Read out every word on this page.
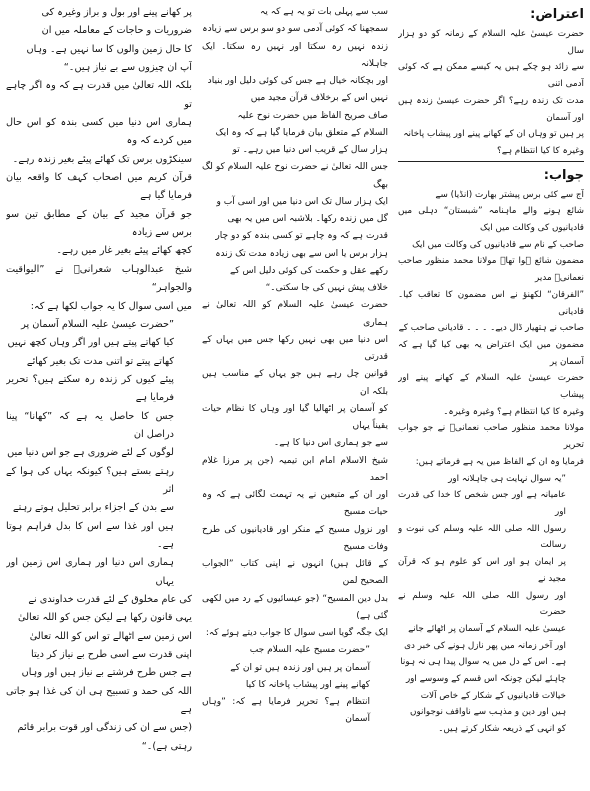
اعتراض:
حضرت عیسیٰ علیہ السلام کے زمانہ کو دو ہزار سال
سے زائد ہو چکے ہیں یہ کیسے ممکن ہے کہ کوئی آدمی اتنی
مدت تک زندہ رہے؟ اگر حضرت عیسیٰ زندہ ہیں اور آسمان
پر ہیں تو وہاں ان کے کھانے پینے اور پیشاب پاخانہ
وغیرہ کا کیا انتظام ہے؟
جواب:
آج سے کئی برس پیشتر بھارت (انڈیا) سے
شائع ہونے والے ماہنامہ ”شبستان“ دہلی میں قادیانیوں کی وکالت میں ایک
صاحب کے نام سے قادیانیوں کی وکالت میں ایک
مضمون شائع ہوا تھا۔ مولانا محمد منظور صاحب نعمانیؒ مدیر
”الفرقان“ لکھنؤ نے اس مضمون کا تعاقب کیا۔ قادیانی
صاحب نے ہتھیار ڈال دیے۔ ۔ ۔ ۔ قادیانی صاحب کے
مضمون میں ایک اعتراض یہ بھی کیا گیا ہے کہ آسمان پر
حضرت عیسیٰ علیہ السلام کے کھانے پینے اور پیشاب
وغیرہ کا کیا انتظام ہے؟ وغیرہ وغیرہ۔
مولانا محمد منظور صاحب نعمانیؒ نے جو جواب تحریر
فرمایا وہ ان کے الفاظ میں یہ ہے فرماتے ہیں:
”یہ سوال نہایت ہی جاہلانہ اور
عامیانہ ہے اور جس شخص کا خدا کی قدرت اور
رسول اللہ صلی اللہ علیہ وسلم کی نبوت و رسالت
پر ایمان ہو اور اس کو علوم ہو کہ قرآن مجید نے
اور رسول اللہ صلی اللہ علیہ وسلم نے حضرت
عیسیٰ علیہ السلام کے آسمان پر اٹھائے جانے
اور آخر زمانہ میں پھر نازل ہونے کی خبر دی
ہے۔ اس کے دل میں یہ سوال پیدا ہی نہ ہونا
چاہئے لیکن چونکہ اس قسم کے وسوسے اور
خیالات قادیانیوں کے شکار کے خاص آلات
ہیں اور دین و مذہب سے ناواقف نوجوانوں
کو انہی کے ذریعہ شکار کرتے ہیں۔
سب سے پہلی بات تو یہ ہے کہ یہ
سمجھنا کہ کوئی آدمی سو دو سو برس سے زیادہ
زندہ نہیں رہ سکتا اور نہیں رہ سکتا۔ ایک جاہلانہ
اور بچکانہ خیال ہے جس کی کوئی دلیل اور بنیاد
نہیں اس کے برخلاف قرآن مجید میں
صاف صریح الفاظ میں حضرت نوح علیہ
السلام کے متعلق بیان فرمایا گیا ہے کہ وہ ایک
ہزار سال کے قریب اس دنیا میں رہے۔ تو
جس اللہ تعالیٰ نے حضرت نوح علیہ السلام کو لگ بھگ
ایک ہزار سال تک اس دنیا میں اور اسی آب و
گل میں زندہ رکھا۔ بلاشبہ اس میں یہ بھی
قدرت ہے کہ وہ چاہے تو کسی بندہ کو دو چار
ہزار برس یا اس سے بھی زیادہ مدت تک زندہ
رکھے عقل و حکمت کی کوئی دلیل اس کے
خلاف پیش نہیں کی جا سکتی۔“
حضرت عیسیٰ علیہ السلام کو اللہ تعالیٰ نے ہماری
اس دنیا میں بھی نہیں رکھا جس میں یہاں کے قدرتی
قوانین چل رہے ہیں جو یہاں کے مناسب ہیں بلکہ ان
کو آسمان پر اٹھالیا گیا اور وہاں کا نظام حیات یقیناً یہاں
سے جو ہماری اس دنیا کا ہے۔
شیخ الاسلام امام ابن تیمیہ (جن پر مرزا غلام احمد
اور ان کے متبعین نے یہ تہمت لگائی ہے کہ وہ حیات مسیح
اور نزول مسیح کے منکر اور قادیانیوں کی طرح وفات مسیح
کے قائل ہیں) انہوں نے اپنی کتاب ”الجواب الصحیح لمن
بدل دین المسیح“ (جو عیسائیوں کے رد میں لکھی گئی ہے)
ایک جگہ گویا اسی سوال کا جواب دیتے ہوئے کہ:
”حضرت مسیح علیہ السلام جب
آسمان پر ہیں اور زندہ ہیں تو ان کے
کھانے پینے اور پیشاب پاخانہ کا کیا
انتظام ہے؟ تحریر فرمایا ہے کہ: ”وہاں آسمان
پر کھانے پینے اور بول و براز وغیرہ کی
ضروریات و حاجات کے معاملہ میں ان
کا حال زمین والوں کا سا نہیں ہے۔ وہاں
آپ ان چیزوں سے بے نیاز ہیں۔“
بلکہ اللہ تعالیٰ میں قدرت ہے کہ وہ اگر چاہے تو
ہماری اس دنیا میں کسی بندہ کو اس حال میں کردے کہ وہ
سینکڑوں برس تک کھائے پیئے بغیر زندہ رہے۔
قرآن کریم میں اصحاب کہف کا واقعہ بیان فرمایا گیا ہے
جو قرآن مجید کے بیان کے مطابق تین سو برس سے زیادہ
کچھ کھائے پیئے بغیر غار میں رہے۔
شیخ عبدالوہاب شعرانیؒ نے ”الیواقیت والجواہر“
میں اسی سوال کا یہ جواب لکھا ہے کہ:
”حضرت عیسیٰ علیہ السلام آسمان پر
کیا کھاتے پیتے ہیں اور اگر وہاں کچھ نہیں
کھاتے پیتے تو اتنی مدت تک بغیر کھائے
پیئے کیوں کر زندہ رہ سکتے ہیں؟ تحریر فرمایا ہے
جس کا حاصل یہ ہے کہ ”کھانا“ پینا دراصل ان
لوگوں کے لئے ضروری ہے جو اس دنیا میں
رہتے بستے ہیں؟ کیونکہ یہاں کی ہوا کے اثر
سے بدن کے اجزاء برابر تحلیل ہوتے رہتے
ہیں اور غذا سے اس کا بدل فراہم ہوتا ہے۔
ہماری اس دنیا اور ہماری اس زمین اور یہاں
کی عام مخلوق کے لئے قدرت خداوندی نے
یہی قانون رکھا ہے لیکن جس کو اللہ تعالیٰ
اس زمین سے اٹھالے تو اس کو اللہ تعالیٰ
اپنی قدرت سے اسی طرح بے نیاز کر دیتا
ہے جس طرح فرشتے بے نیاز ہیں اور وہاں
اللہ کی حمد و تسبیح ہی ان کی غذا ہو جاتی ہے
(جس سے ان کی زندگی اور قوت برابر قائم
رہتی ہے)۔“
